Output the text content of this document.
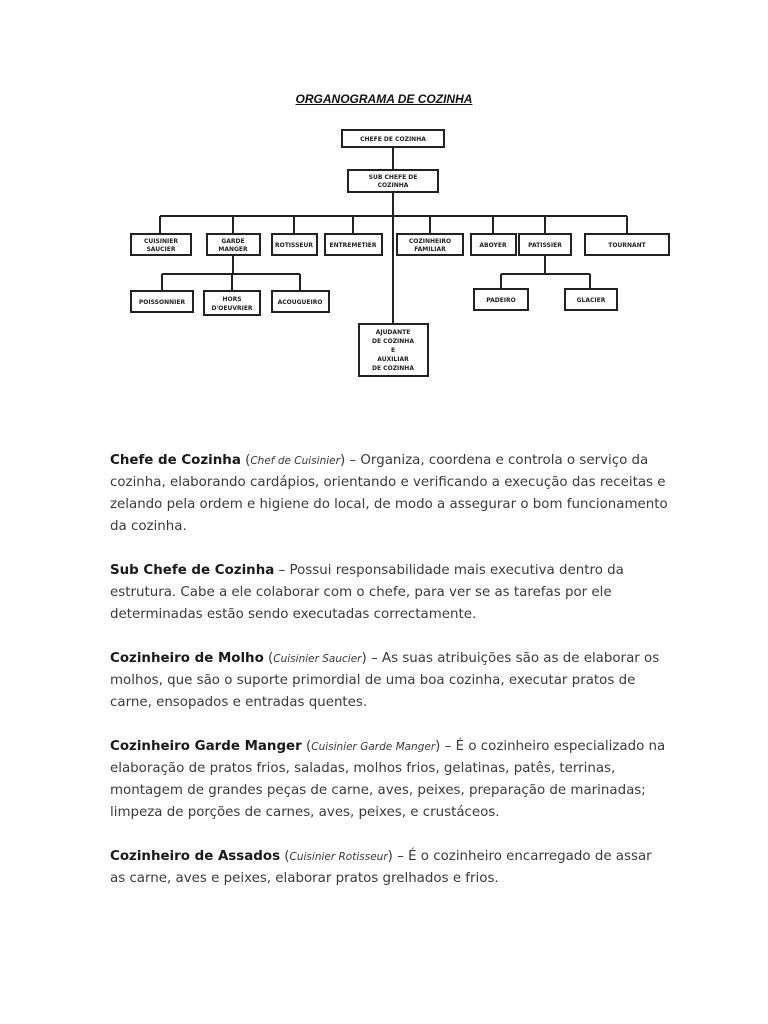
ORGANOGRAMA DE COZINHA
CHEFE DE COZINHA
SUB CHEFE DE
COZINHA
CUISINIER
SAUCIER
GARDE
MANGER
ROTISSEUR	ENTREMETIER
COZINHEIRO
FAMILIAR
ABOYER	PATISSIER	TOURNANT
POISSONNIER	HORS
D'OEUVRIER
ACOUGUEIRO	PADEIRO	GLACIER
AJUDANTE
DE COZINHA
E
AUXILIAR
DE COZINHA

Chefe de Cozinha (Chef de Cuisinier) – Organiza, coordena e controla o serviço da cozinha, elaborando cardápios, orientando e verificando a execução das receitas e zelando pela ordem e higiene do local, de modo a assegurar o bom funcionamento da cozinha.

Sub Chefe de Cozinha – Possui responsabilidade mais executiva dentro da estrutura. Cabe a ele colaborar com o chefe, para ver se as tarefas por ele determinadas estão sendo executadas correctamente.

Cozinheiro de Molho (Cuisinier Saucier) – As suas atribuições são as de elaborar os molhos, que são o suporte primordial de uma boa cozinha, executar pratos de carne, ensopados e entradas quentes.

Cozinheiro Garde Manger (Cuisinier Garde Manger) – É o cozinheiro especializado na elaboração de pratos frios, saladas, molhos frios, gelatinas, patês, terrinas, montagem de grandes peças de carne, aves, peixes, preparação de marinadas; limpeza de porções de carnes, aves, peixes, e crustáceos.

Cozinheiro de Assados (Cuisinier Rotisseur) – É o cozinheiro encarregado de assar as carne, aves e peixes, elaborar pratos grelhados e frios.
